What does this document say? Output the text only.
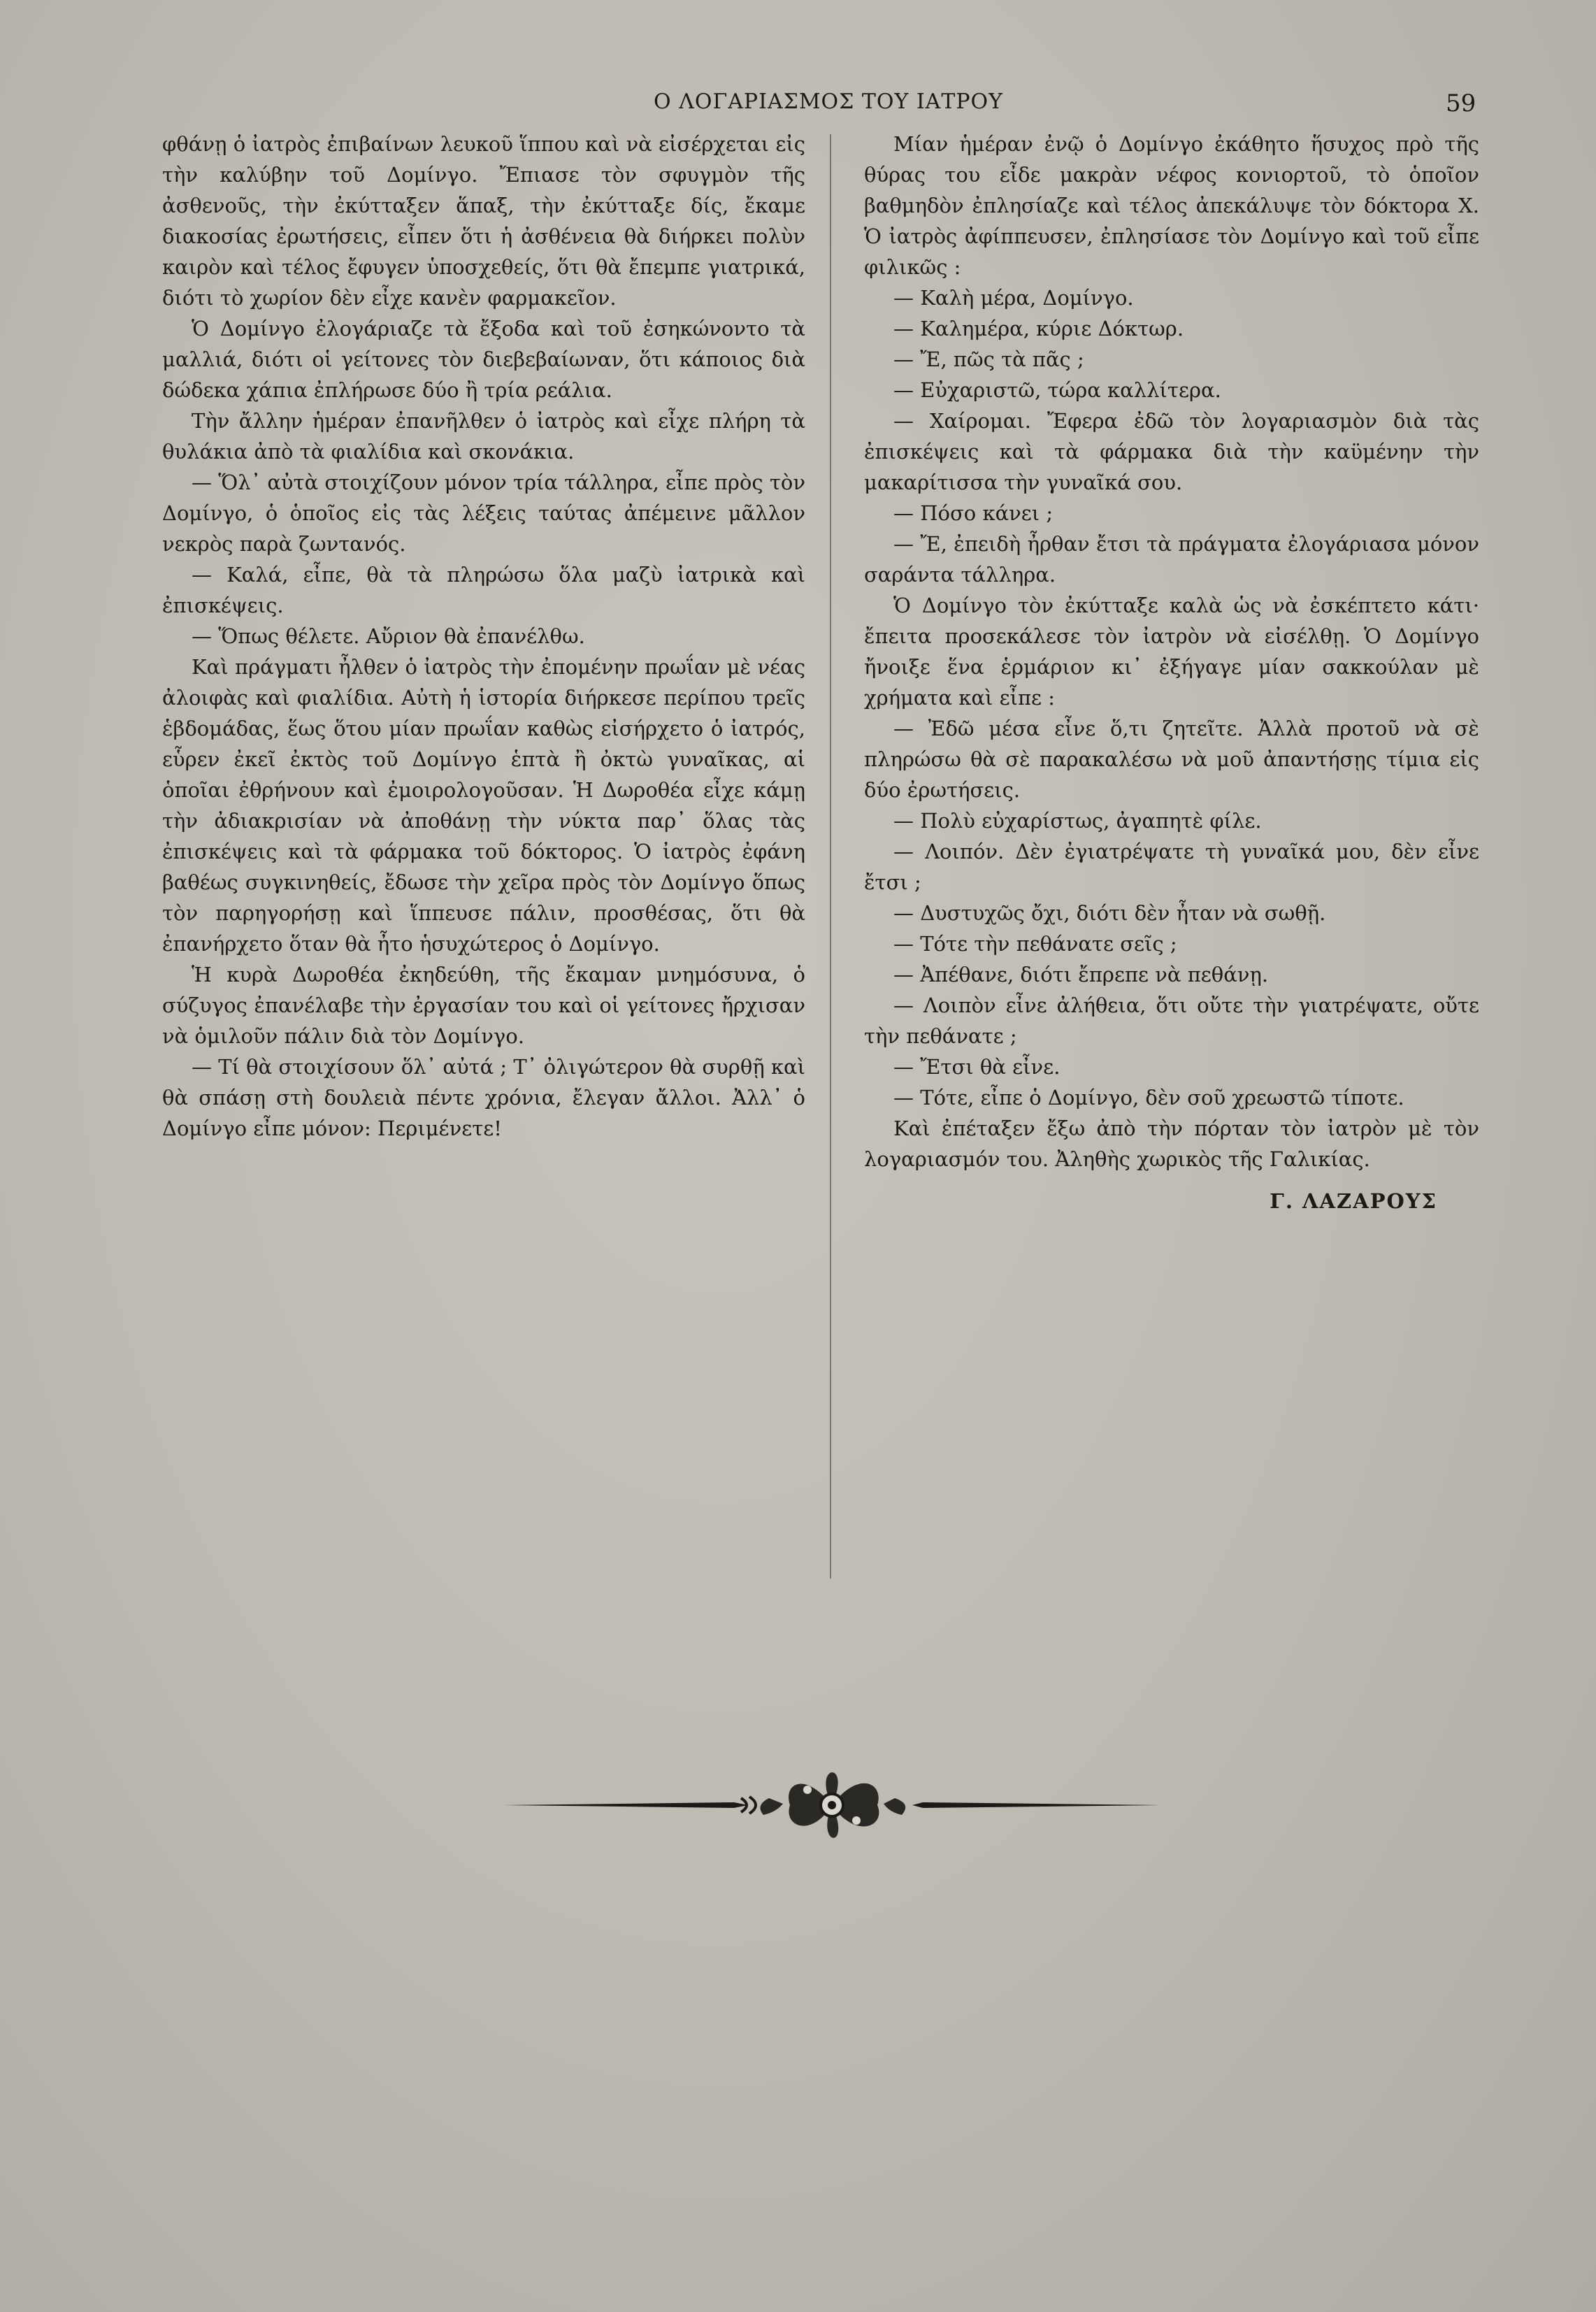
Ο ΛΟΓΑΡΙΑΣΜΟΣ ΤΟΥ ΙΑΤΡΟΥ	59

φθάνῃ ὁ ἰατρὸς ἐπιβαίνων λευκοῦ ἵππου καὶ νὰ εἰσέρχεται εἰς τὴν καλύβην τοῦ Δομίνγο. Ἔπιασε τὸν σφυγμὸν τῆς ἀσθενοῦς, τὴν ἐκύτταξεν ἅπαξ, τὴν ἐκύτταξε δίς, ἔκαμε διακοσίας ἐρωτήσεις, εἶπεν ὅτι ἡ ἀσθένεια θὰ διήρκει πολὺν καιρὸν καὶ τέλος ἔφυγεν ὑποσχεθείς, ὅτι θὰ ἔπεμπε γιατρικά, διότι τὸ χωρίον δὲν εἶχε κανὲν φαρμακεῖον.

Ὁ Δομίνγο ἐλογάριαζε τὰ ἔξοδα καὶ τοῦ ἐσηκώνοντο τὰ μαλλιά, διότι οἱ γείτονες τὸν διεβεβαίωναν, ὅτι κάποιος διὰ δώδεκα χάπια ἐπλήρωσε δύο ἢ τρία ρεάλια.

Τὴν ἄλλην ἡμέραν ἐπανῆλθεν ὁ ἰατρὸς καὶ εἶχε πλήρη τὰ θυλάκια ἀπὸ τὰ φιαλίδια καὶ σκονάκια.

— Ὅλ᾽ αὐτὰ στοιχίζουν μόνον τρία τάλληρα, εἶπε πρὸς τὸν Δομίνγο, ὁ ὁποῖος εἰς τὰς λέξεις ταύτας ἀπέμεινε μᾶλλον νεκρὸς παρὰ ζωντανός.

— Καλά, εἶπε, θὰ τὰ πληρώσω ὅλα μαζὺ ἰατρικὰ καὶ ἐπισκέψεις.

— Ὅπως θέλετε. Αὔριον θὰ ἐπανέλθω.

Καὶ πράγματι ἦλθεν ὁ ἰατρὸς τὴν ἐπομένην πρωΐαν μὲ νέας ἀλοιφὰς καὶ φιαλίδια. Αὐτὴ ἡ ἱστορία διήρκεσε περίπου τρεῖς ἑβδομάδας, ἕως ὅτου μίαν πρωΐαν καθὼς εἰσήρχετο ὁ ἰατρός, εὗρεν ἐκεῖ ἐκτὸς τοῦ Δομίνγο ἑπτὰ ἢ ὀκτὼ γυναῖκας, αἱ ὁποῖαι ἐθρήνουν καὶ ἐμοιρολογοῦσαν. Ἡ Δωροθέα εἶχε κάμῃ τὴν ἀδιακρισίαν νὰ ἀποθάνῃ τὴν νύκτα παρ᾽ ὅλας τὰς ἐπισκέψεις καὶ τὰ φάρμακα τοῦ δόκτορος. Ὁ ἰατρὸς ἐφάνη βαθέως συγκινηθείς, ἔδωσε τὴν χεῖρα πρὸς τὸν Δομίνγο ὅπως τὸν παρηγορήσῃ καὶ ἵππευσε πάλιν, προσθέσας, ὅτι θὰ ἐπανήρχετο ὅταν θὰ ἦτο ἡσυχώτερος ὁ Δομίνγο.

Ἡ κυρὰ Δωροθέα ἐκηδεύθη, τῆς ἔκαμαν μνημόσυνα, ὁ σύζυγος ἐπανέλαβε τὴν ἐργασίαν του καὶ οἱ γείτονες ἤρχισαν νὰ ὁμιλοῦν πάλιν διὰ τὸν Δομίνγο.

— Τί θὰ στοιχίσουν ὅλ᾽ αὐτά ; Τ᾽ ὀλιγώτερον θὰ συρθῇ καὶ θὰ σπάσῃ στὴ δουλειὰ πέντε χρόνια, ἔλεγαν ἄλλοι. Ἀλλ᾽ ὁ Δομίνγο εἶπε μόνον: Περιμένετε!

Μίαν ἡμέραν ἐνῷ ὁ Δομίνγο ἐκάθητο ἥσυχος πρὸ τῆς θύρας του εἶδε μακρὰν νέφος κονιορτοῦ, τὸ ὁποῖον βαθμηδὸν ἐπλησίαζε καὶ τέλος ἀπεκάλυψε τὸν δόκτορα Χ. Ὁ ἰατρὸς ἀφίππευσεν, ἐπλησίασε τὸν Δομίνγο καὶ τοῦ εἶπε φιλικῶς :

— Καλὴ μέρα, Δομίνγο.

— Καλημέρα, κύριε Δόκτωρ.

— Ἔ, πῶς τὰ πᾶς ;

— Εὐχαριστῶ, τώρα καλλίτερα.

— Χαίρομαι. Ἔφερα ἐδῶ τὸν λογαριασμὸν διὰ τὰς ἐπισκέψεις καὶ τὰ φάρμακα διὰ τὴν καϋμένην τὴν μακαρίτισσα τὴν γυναῖκά σου.

— Πόσο κάνει ;

— Ἔ, ἐπειδὴ ἦρθαν ἔτσι τὰ πράγματα ἐλογάριασα μόνον σαράντα τάλληρα.

Ὁ Δομίνγο τὸν ἐκύτταξε καλὰ ὡς νὰ ἐσκέπτετο κάτι· ἔπειτα προσεκάλεσε τὸν ἰατρὸν νὰ εἰσέλθῃ. Ὁ Δομίνγο ἤνοιξε ἕνα ἑρμάριον κι᾽ ἐξήγαγε μίαν σακκούλαν μὲ χρήματα καὶ εἶπε :

— Ἐδῶ μέσα εἶνε ὅ,τι ζητεῖτε. Ἀλλὰ προτοῦ νὰ σὲ πληρώσω θὰ σὲ παρακαλέσω νὰ μοῦ ἀπαντήσῃς τίμια εἰς δύο ἐρωτήσεις.

— Πολὺ εὐχαρίστως, ἀγαπητὲ φίλε.

— Λοιπόν. Δὲν ἐγιατρέψατε τὴ γυναῖκά μου, δὲν εἶνε ἔτσι ;

— Δυστυχῶς ὄχι, διότι δὲν ἦταν νὰ σωθῇ.

— Τότε τὴν πεθάνατε σεῖς ;

— Ἀπέθανε, διότι ἔπρεπε νὰ πεθάνῃ.

— Λοιπὸν εἶνε ἀλήθεια, ὅτι οὔτε τὴν γιατρέψατε, οὔτε τὴν πεθάνατε ;

— Ἔτσι θὰ εἶνε.

— Τότε, εἶπε ὁ Δομίνγο, δὲν σοῦ χρεωστῶ τίποτε.

Καὶ ἐπέταξεν ἔξω ἀπὸ τὴν πόρταν τὸν ἰατρὸν μὲ τὸν λογαριασμόν του. Ἀληθὴς χωρικὸς τῆς Γαλικίας.

Γ. ΛΑΖΑΡΟΥΣ
